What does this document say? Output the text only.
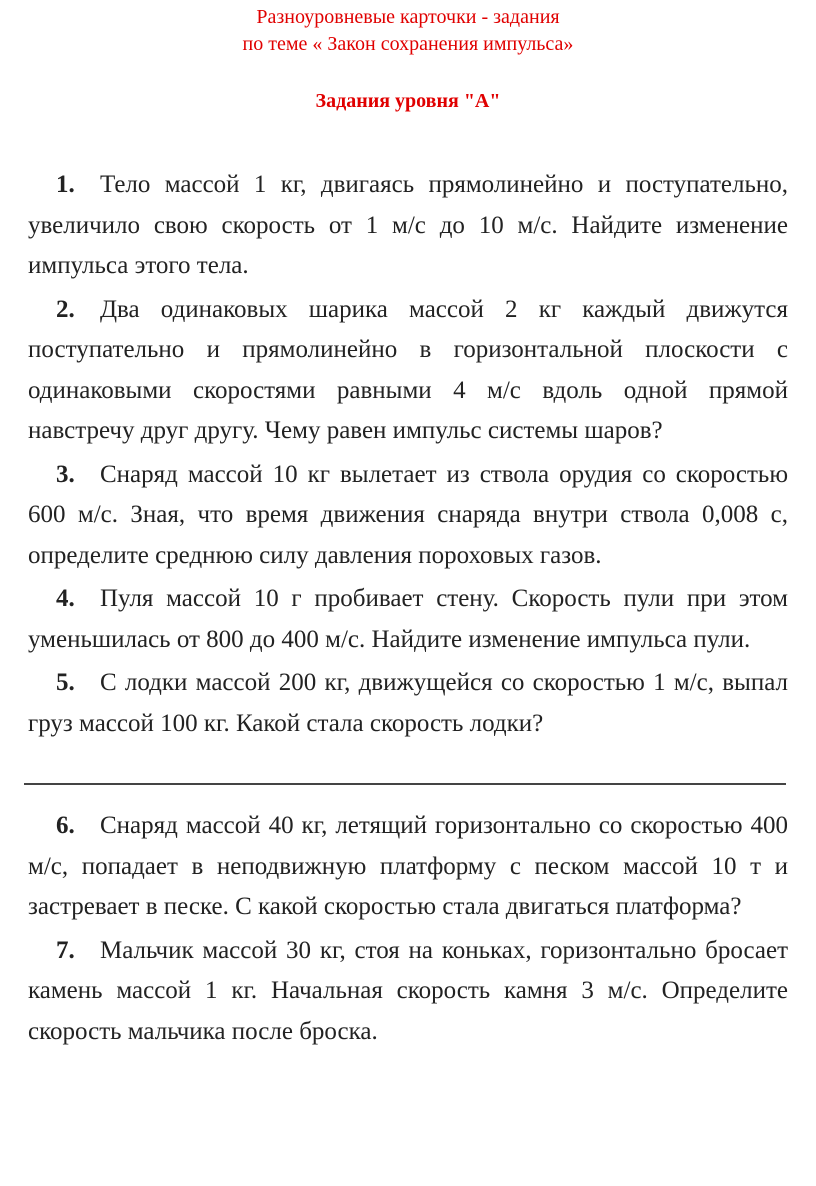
Разноуровневые карточки - задания
по теме « Закон сохранения импульса»
Задания уровня "А"

1. Тело массой 1 кг, двигаясь прямолинейно и поступательно, увеличило свою скорость от 1 м/с до 10 м/с. Найдите изменение импульса этого тела.

2. Два одинаковых шарика массой 2 кг каждый движутся поступательно и прямолинейно в горизонтальной плоскости с одинаковыми скоростями равными 4 м/с вдоль одной прямой навстречу друг другу. Чему равен импульс системы шаров?

3. Снаряд массой 10 кг вылетает из ствола орудия со скоростью 600 м/с. Зная, что время движения снаряда внутри ствола 0,008 с, определите среднюю силу давления пороховых газов.

4. Пуля массой 10 г пробивает стену. Скорость пули при этом уменьшилась от 800 до 400 м/с. Найдите изменение импульса пули.

5. С лодки массой 200 кг, движущейся со скоростью 1 м/с, выпал груз массой 100 кг. Какой стала скорость лодки?

6. Снаряд массой 40 кг, летящий горизонтально со скоростью 400 м/с, попадает в неподвижную платформу с песком массой 10 т и застревает в песке. С какой скоростью стала двигаться платформа?

7. Мальчик массой 30 кг, стоя на коньках, горизонтально бросает камень массой 1 кг. Начальная скорость камня 3 м/с. Определите скорость мальчика после броска.
